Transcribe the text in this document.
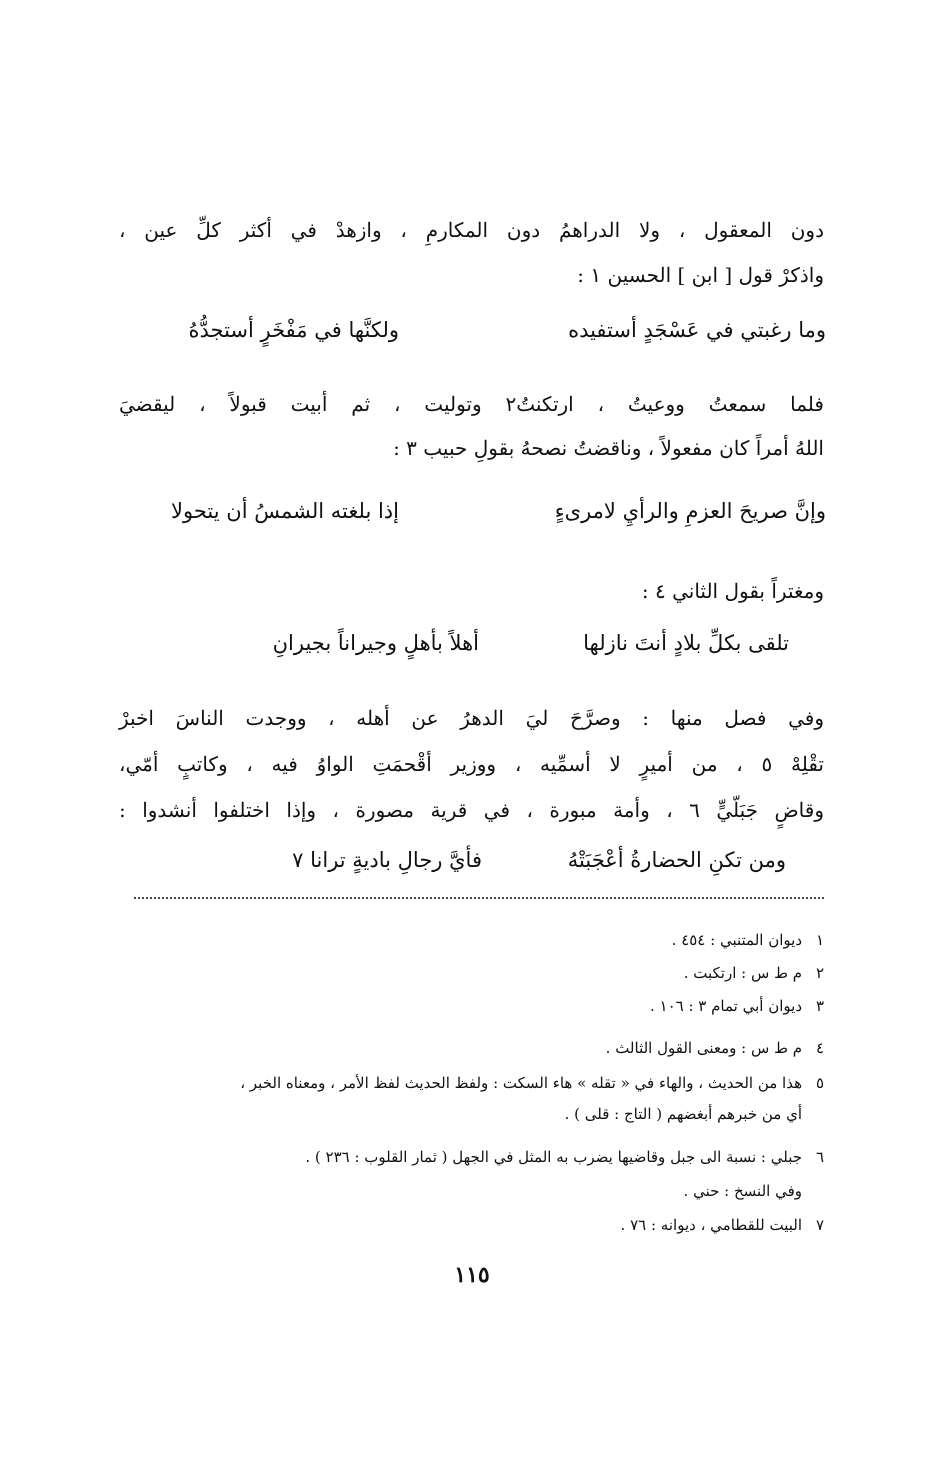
دون المعقول ، ولا الدراهمُ دون المكارمِ ، وازهدْ في أكثر كلِّ عين ،
واذكرْ قول [ ابن ] الحسين ١ :
وما رغبتي في عَسْجَدٍ أستفيده
ولكنَّها في مَفْخَرٍ أستجدُّهُ
فلما سمعتُ ووعيتُ ، ارتكنتُ٢ وتوليت ، ثم أبيت قبولاً ، ليقضيَ
اللهُ أمراً كان مفعولاً ، وناقضتُ نصحهُ بقولِ حبيب ٣ :
وإنَّ صريحَ العزمِ والرأيِ لامرىءٍ
إذا بلغته الشمسُ أن يتحولا
ومغتراً بقول الثاني ٤ :
تلقى بكلِّ بلادٍ أنتَ نازلها
أهلاً بأهلٍ وجيراناً بجيرانِ
وفي فصل منها : وصرَّحَ ليَ الدهرُ عن أهله ، ووجدت الناسَ اخبرْ
تقْلِهْ ٥ ، من أميرٍ لا أسمِّيه ، ووزير أقْحمَتِ الواوُ فيه ، وكاتبٍ أمّي،
وقاضٍ جَبَلّيٍّ ٦ ، وأمة مبورة ، في قرية مصورة ، وإذا اختلفوا أنشدوا :
ومن تكنِ الحضارةُ أعْجَبَتْهُ
فأيَّ رجالِ باديةٍ ترانا ٧
١ديوان المتنبي : ٤٥٤ .
٢م ط س : ارتكبت .
٣ديوان أبي تمام ٣ : ١٠٦ .
٤م ط س : ومعنى القول الثالث .
٥هذا من الحديث ، والهاء في « تقله » هاء السكت : ولفظ الحديث لفظ الأمر ، ومعناه الخبر ،
أي من خبرهم أبغضهم ( التاج : قلى ) .
٦جبلي : نسبة الى جبل وقاضيها يضرب به المثل في الجهل ( ثمار القلوب : ٢٣٦ ) .
وفي النسخ : حني .
٧البيت للقطامي ، ديوانه : ٧٦ .
١١٥
